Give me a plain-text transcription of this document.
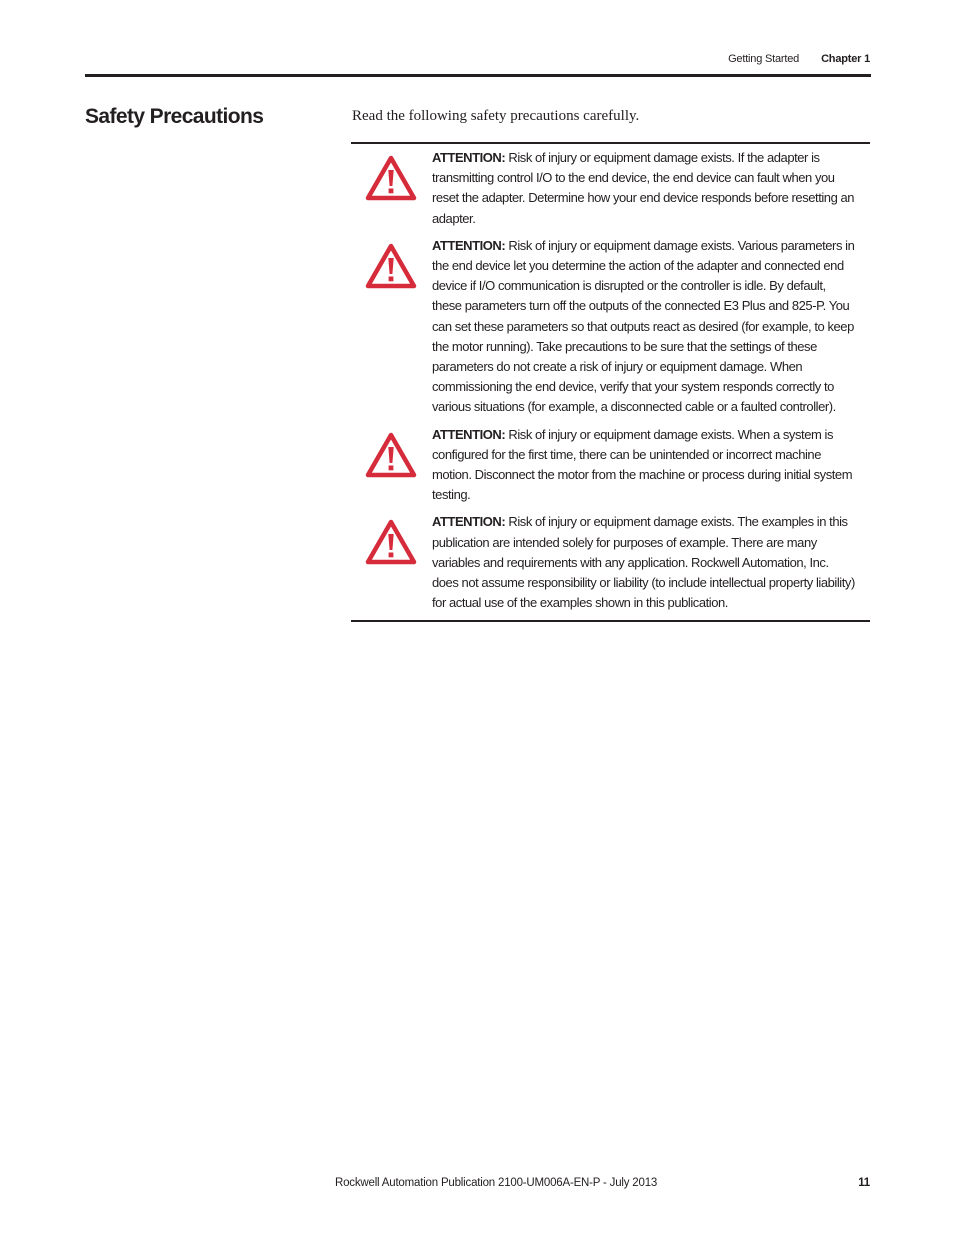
Getting Started Chapter 1
Safety Precautions	Read the following safety precautions carefully.

ATTENTION: Risk of injury or equipment damage exists. If the adapter is transmitting control I/O to the end device, the end device can fault when you reset the adapter. Determine how your end device responds before resetting an adapter.
ATTENTION: Risk of injury or equipment damage exists. Various parameters in the end device let you determine the action of the adapter and connected end device if I/O communication is disrupted or the controller is idle. By default, these parameters turn off the outputs of the connected E3 Plus and 825-P. You can set these parameters so that outputs react as desired (for example, to keep the motor running). Take precautions to be sure that the settings of these parameters do not create a risk of injury or equipment damage. When commissioning the end device, verify that your system responds correctly to various situations (for example, a disconnected cable or a faulted controller).
ATTENTION: Risk of injury or equipment damage exists. When a system is configured for the first time, there can be unintended or incorrect machine motion. Disconnect the motor from the machine or process during initial system testing.
ATTENTION: Risk of injury or equipment damage exists. The examples in this publication are intended solely for purposes of example. There are many variables and requirements with any application. Rockwell Automation, Inc. does not assume responsibility or liability (to include intellectual property liability) for actual use of the examples shown in this publication.
Rockwell Automation Publication 2100-UM006A-EN-P - July 2013	11
